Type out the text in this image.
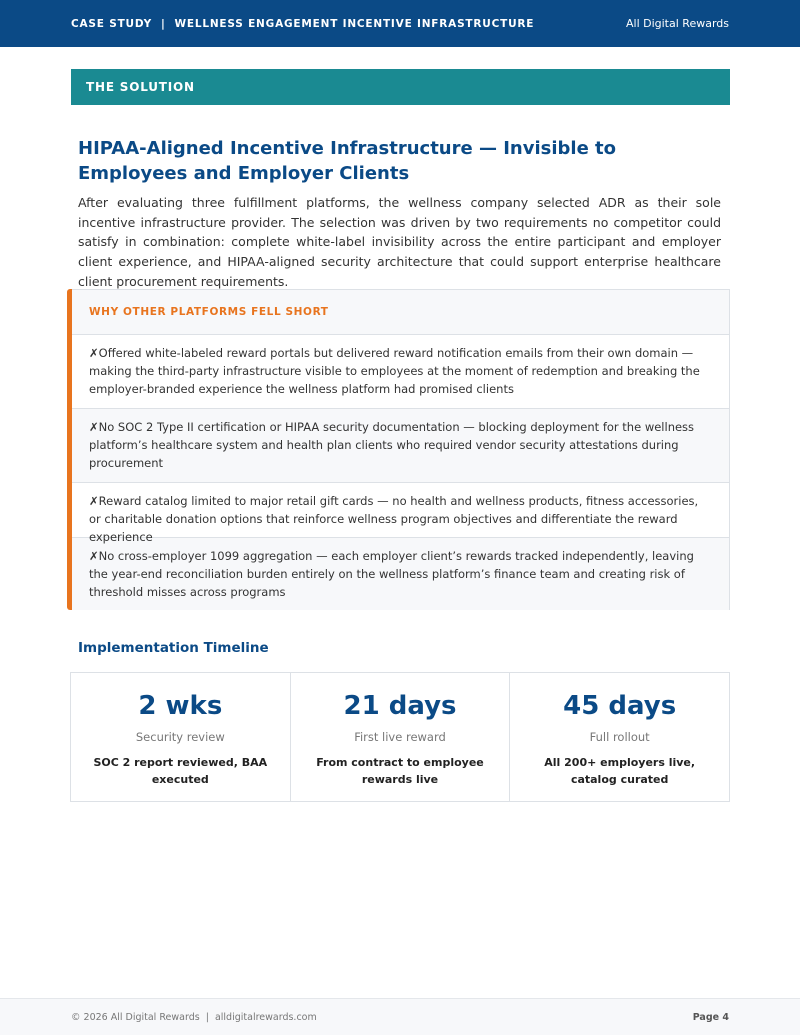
CASE STUDY  |  WELLNESS ENGAGEMENT INCENTIVE INFRASTRUCTURE	All Digital Rewards
THE SOLUTION
HIPAA-Aligned Incentive Infrastructure — Invisible to Employees and Employer Clients
After evaluating three fulfillment platforms, the wellness company selected ADR as their sole incentive infrastructure provider. The selection was driven by two requirements no competitor could satisfy in combination: complete white-label invisibility across the entire participant and employer client experience, and HIPAA-aligned security architecture that could support enterprise healthcare client procurement requirements.
WHY OTHER PLATFORMS FELL SHORT
✗Offered white-labeled reward portals but delivered reward notification emails from their own domain — making the third-party infrastructure visible to employees at the moment of redemption and breaking the employer-branded experience the wellness platform had promised clients
✗No SOC 2 Type II certification or HIPAA security documentation — blocking deployment for the wellness platform’s healthcare system and health plan clients who required vendor security attestations during procurement
✗Reward catalog limited to major retail gift cards — no health and wellness products, fitness accessories, or charitable donation options that reinforce wellness program objectives and differentiate the reward experience
✗No cross-employer 1099 aggregation — each employer client’s rewards tracked independently, leaving the year-end reconciliation burden entirely on the wellness platform’s finance team and creating risk of threshold misses across programs
Implementation Timeline
2 wks
Security review
SOC 2 report reviewed, BAA executed
21 days
First live reward
From contract to employee rewards live
45 days
Full rollout
All 200+ employers live, catalog curated
© 2026 All Digital Rewards  |  alldigitalrewards.com	Page 4
